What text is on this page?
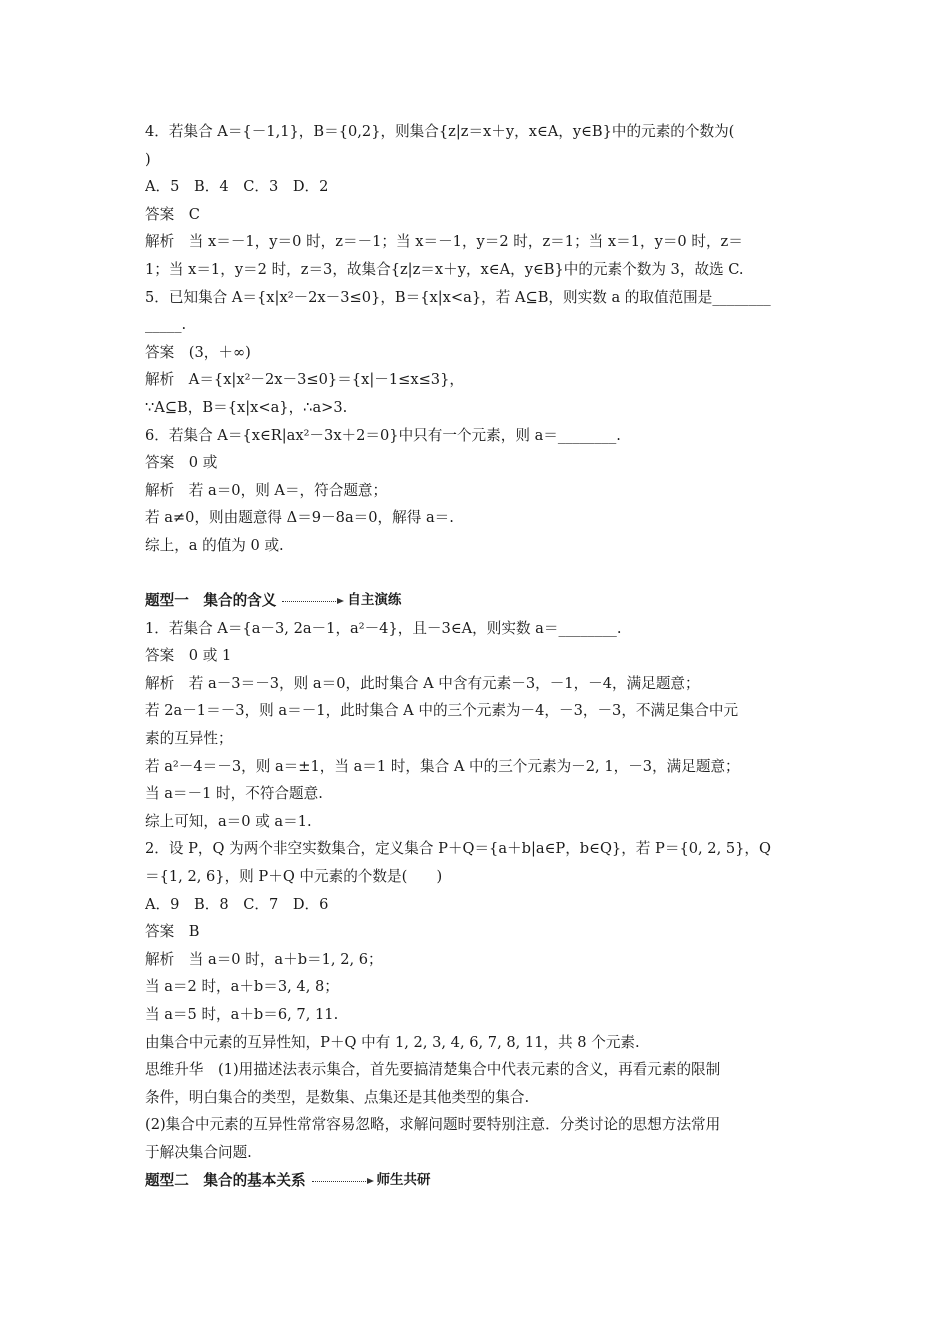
4．若集合 A＝{－1,1}，B＝{0,2}，则集合{z|z＝x＋y，x∈A，y∈B}中的元素的个数为(
)
A．5　B．4　C．3　D．2
答案　C
解析　当 x＝－1，y＝0 时，z＝－1；当 x＝－1，y＝2 时，z＝1；当 x＝1，y＝0 时，z＝
1；当 x＝1，y＝2 时，z＝3，故集合{z|z＝x＋y，x∈A，y∈B}中的元素个数为 3，故选 C.
5．已知集合 A＝{x|x²－2x－3≤0}，B＝{x|x<a}，若 A⊆B，则实数 a 的取值范围是________
_____.
答案　(3，＋∞)
解析　A＝{x|x²－2x－3≤0}＝{x|－1≤x≤3}，
∵A⊆B，B＝{x|x<a}，∴a>3.
6．若集合 A＝{x∈R|ax²－3x＋2＝0}中只有一个元素，则 a＝________.
答案　0 或
解析　若 a＝0，则 A＝，符合题意；
若 a≠0，则由题意得 Δ＝9－8a＝0，解得 a＝.
综上，a 的值为 0 或.
题型一　集合的含义	自主演练
1．若集合 A＝{a－3, 2a－1，a²－4}，且－3∈A，则实数 a＝________.
答案　0 或 1
解析　若 a－3＝－3，则 a＝0，此时集合 A 中含有元素－3，－1，－4，满足题意；
若 2a－1＝－3，则 a＝－1，此时集合 A 中的三个元素为－4，－3，－3，不满足集合中元
素的互异性；
若 a²－4＝－3，则 a＝±1，当 a＝1 时，集合 A 中的三个元素为－2, 1，－3，满足题意；
当 a＝－1 时，不符合题意.
综上可知，a＝0 或 a＝1.
2．设 P，Q 为两个非空实数集合，定义集合 P＋Q＝{a＋b|a∈P，b∈Q}，若 P＝{0, 2, 5}，Q
＝{1, 2, 6}，则 P＋Q 中元素的个数是(　　)
A．9　B．8　C．7　D．6
答案　B
解析　当 a＝0 时，a＋b＝1, 2, 6；
当 a＝2 时，a＋b＝3, 4, 8；
当 a＝5 时，a＋b＝6, 7, 11.
由集合中元素的互异性知，P＋Q 中有 1, 2, 3, 4, 6, 7, 8, 11，共 8 个元素.
思维升华　(1)用描述法表示集合，首先要搞清楚集合中代表元素的含义，再看元素的限制
条件，明白集合的类型，是数集、点集还是其他类型的集合.
(2)集合中元素的互异性常常容易忽略，求解问题时要特别注意．分类讨论的思想方法常用
于解决集合问题.
题型二　集合的基本关系	师生共研
